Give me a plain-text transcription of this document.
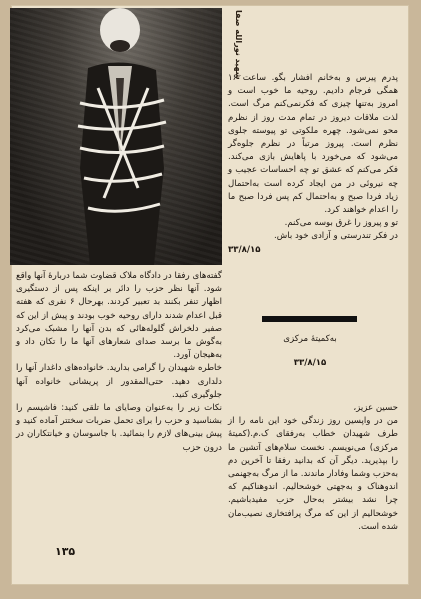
شهید نورالله صفا

پدرم پیرس و به‌خانم افشار بگو. ساعت ۱۶ همگی فرجام دادیم. روحیه ما خوب است و امروز به‌تنها چیزی که فکرنمی‌کنم مرگ است. لذت ملاقات دیروز در تمام مدت روز از نظرم محو نمی‌شود. چهره ملکوتی تو پیوسته جلوی نظرم است. پیروز مرتباً در نظرم جلوه‌گر می‌شود که می‌خورد با پاهایش بازی می‌کند. فکر می‌کنم که عشق تو چه احساسات عجیب و چه نیروئی در من ایجاد کرده است به‌احتمال زیاد فردا صبح و به‌احتمال کم پس فردا صبح ما را اعدام خواهند کرد.

تو و پیروز را غرق بوسه می‌کنم.

در فکر تندرستی و آزادی خود باش.

۳۳/۸/۱۵

به‌کمیتهٔ مرکزی
۳۳/۸/۱۵

حسین عزیز،

من در واپسین روز زندگی خود این نامه را از طرف شهیدان خطاب به‌رفقای ک.م.(کمیتهٔ مرکزی) می‌نویسم. نخست سلام‌های آتشین ما را بپذیرید. دیگر آن که بدانید رفقا تا آخرین دم به‌حزب وشما وفادار ماندند. ما از مرگ به‌جهنمی اندوهناک و به‌جهتی خوشحالیم. اندوهناکیم که چرا نشد بیشتر به‌حال حزب مفیدباشیم. خوشحالیم از این که مرگ پرافتخاری نصیب‌مان شده است.

گفته‌های رفقا در دادگاه ملاک قضاوت شما دربارهٔ آنها واقع شود. آنها نظر حزب را دائر بر اینکه پس از دستگیری اظهار تنفر بکنند بد تعبیر کردند. بهرحال ۶ نفری که هفته قبل اعدام شدند دارای روحیه خوب بودند و پیش از این که صفیر دلخراش گلوله‌هائی که بدن آنها را مشبک می‌کرد به‌گوش ما برسد صدای شعارهای آنها ما را تکان داد و به‌هیجان آورد.

خاطره شهیدان را گرامی بدارید. خانواده‌های داغدار آنها را دلداری دهید. حتی‌المقدور از پریشانی خانواده آنها جلوگیری کنید.

نکات زیر را به‌عنوان وصایای ما تلقی کنید: فاشیسم را بشناسید و حزب را برای تحمل ضربات سختتر آماده کنید و پیش بینی‌های لازم را بنمائید. با جاسوسان و خیانتکاران در درون حزب

۱۳۵
